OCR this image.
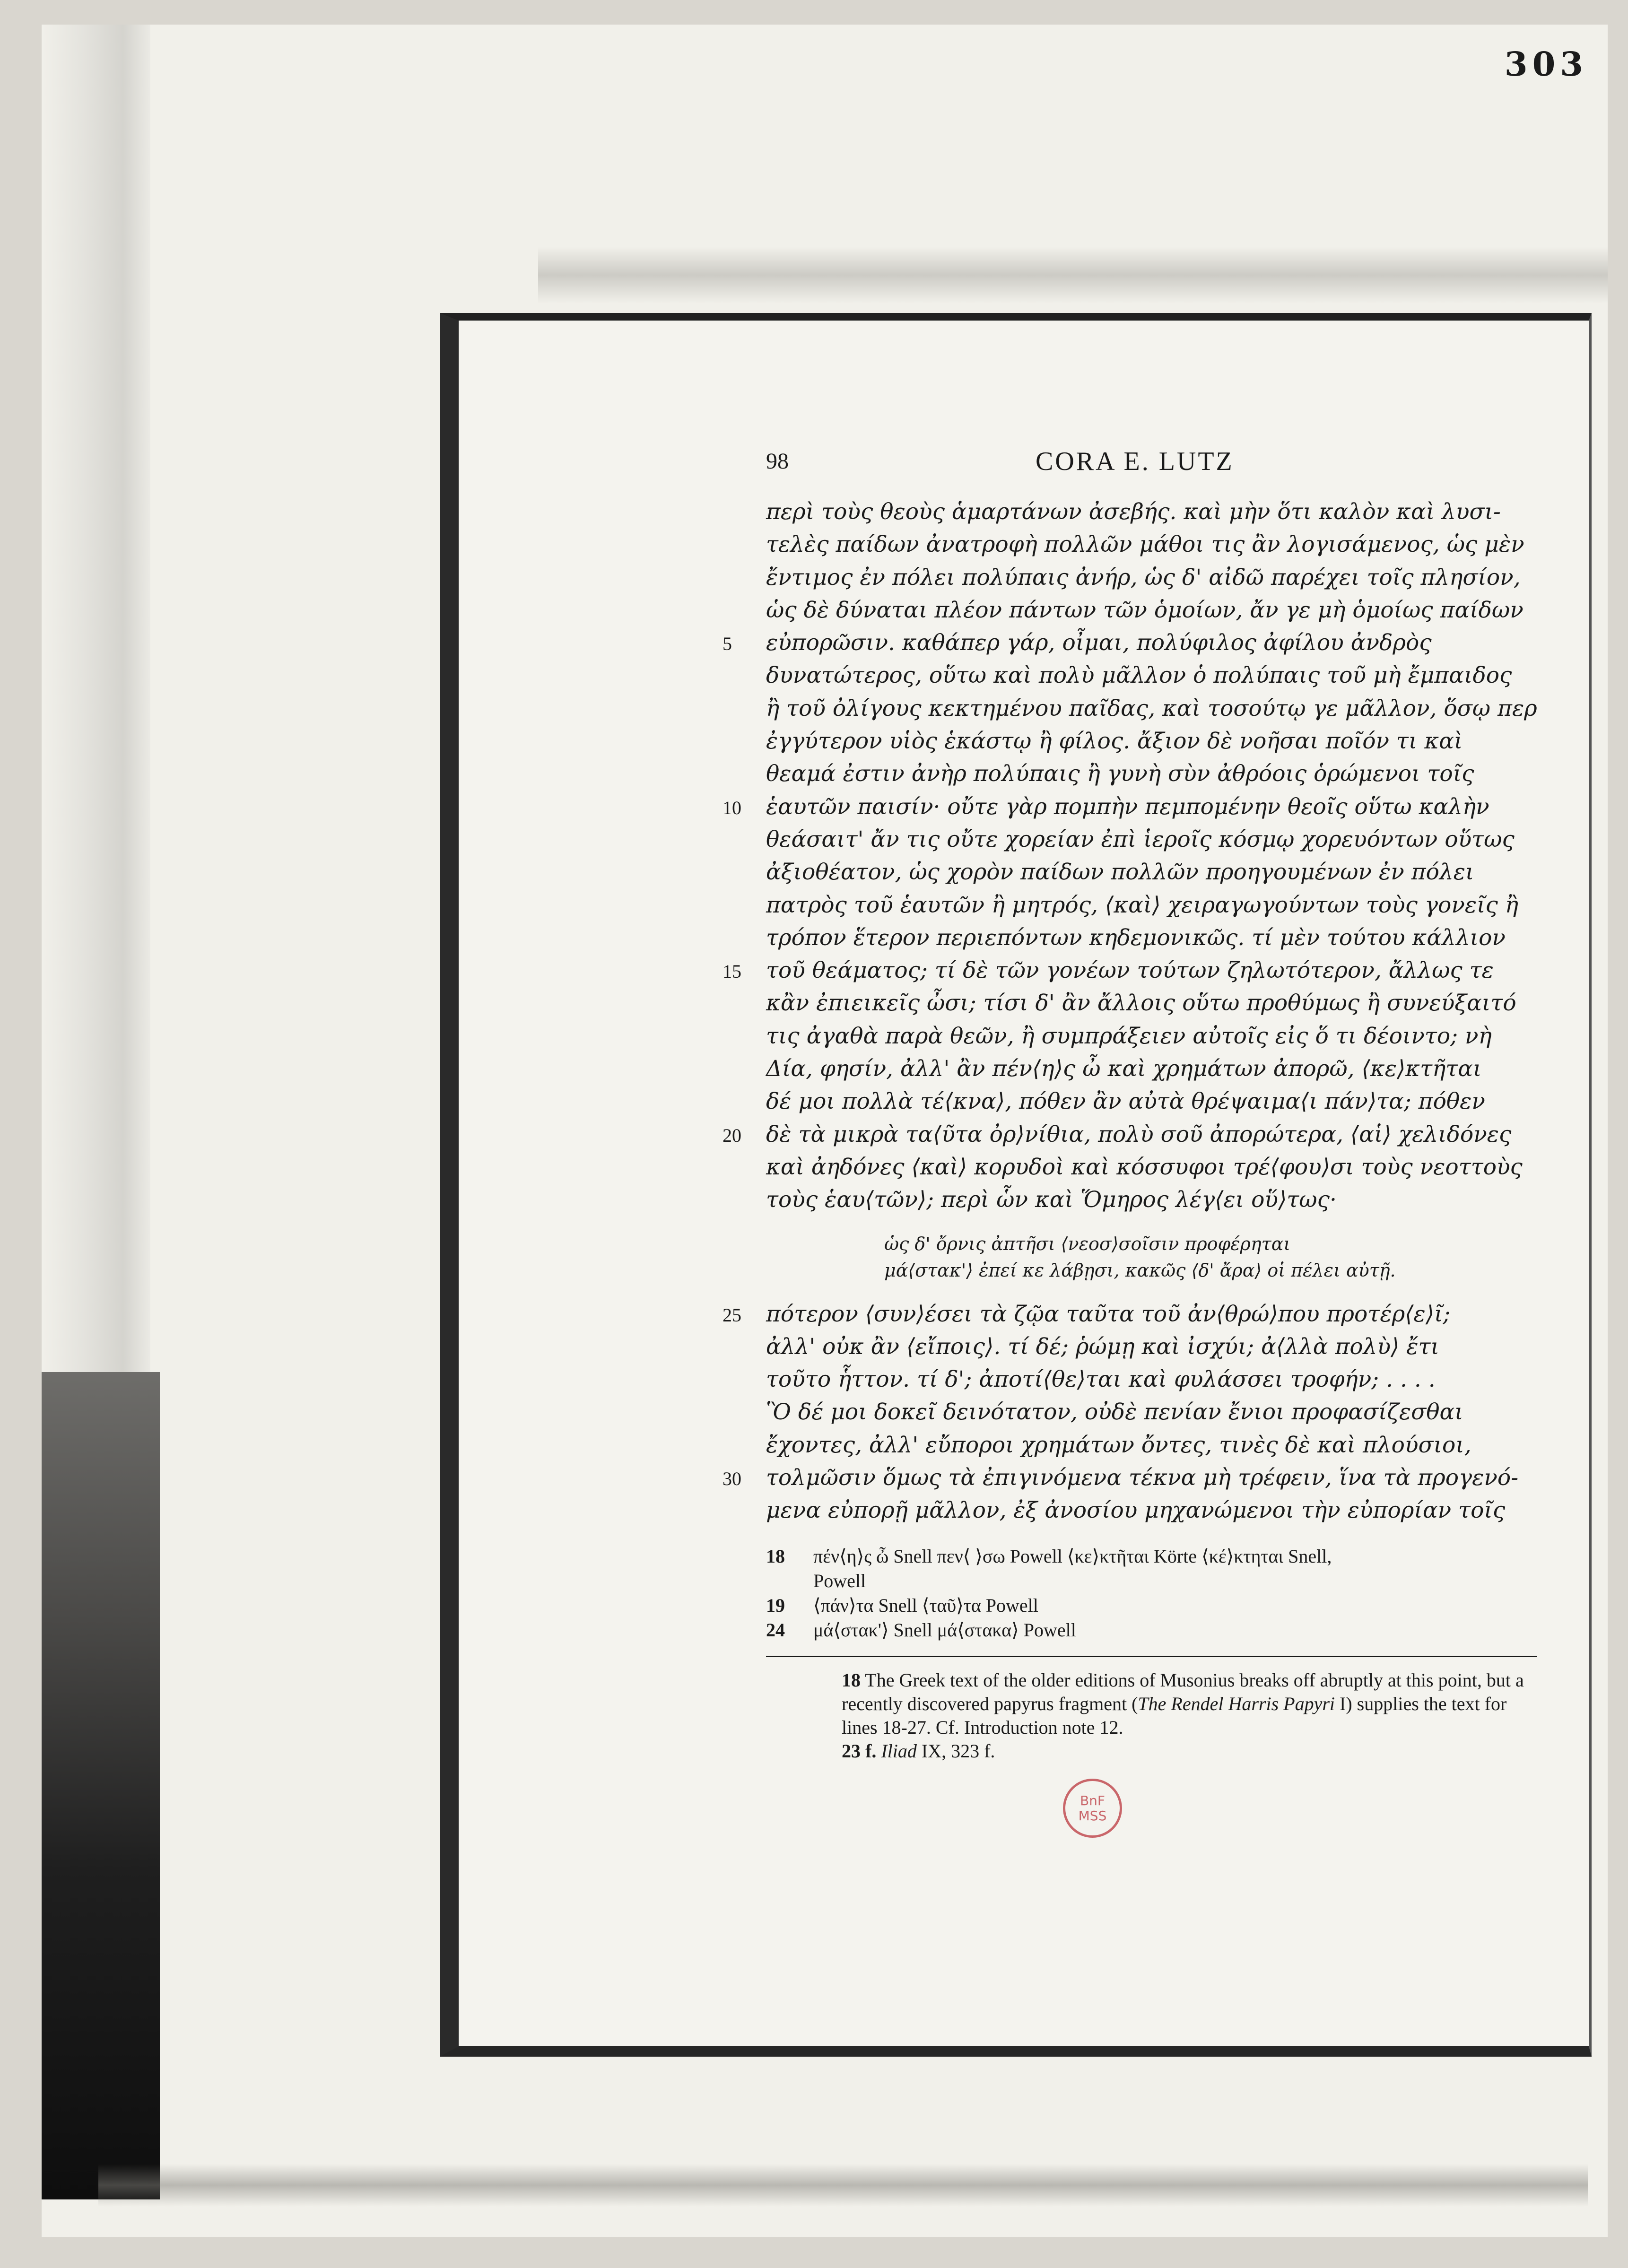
303
98	CORA E. LUTZ
περὶ τοὺς θεοὺς ἁμαρτάνων ἀσεβής. καὶ μὴν ὅτι καλὸν καὶ λυσι-
τελὲς παίδων ἀνατροφὴ πολλῶν μάθοι τις ἂν λογισάμενος, ὡς μὲν
ἔντιμος ἐν πόλει πολύπαις ἀνήρ, ὡς δ' αἰδῶ παρέχει τοῖς πλησίον,
ὡς δὲ δύναται πλέον πάντων τῶν ὁμοίων, ἄν γε μὴ ὁμοίως παίδων
5 εὐπορῶσιν. καθάπερ γάρ, οἶμαι, πολύφιλος ἀφίλου ἀνδρὸς
δυνατώτερος, οὕτω καὶ πολὺ μᾶλλον ὁ πολύπαις τοῦ μὴ ἔμπαιδος
ἢ τοῦ ὀλίγους κεκτημένου παῖδας, καὶ τοσούτῳ γε μᾶλλον, ὅσῳ περ
ἐγγύτερον υἱὸς ἑκάστῳ ἢ φίλος. ἄξιον δὲ νοῆσαι ποῖόν τι καὶ
θεαμά ἐστιν ἀνὴρ πολύπαις ἢ γυνὴ σὺν ἀθρόοις ὁρώμενοι τοῖς
10 ἑαυτῶν παισίν· οὔτε γὰρ πομπὴν πεμπομένην θεοῖς οὕτω καλὴν
θεάσαιτ' ἄν τις οὔτε χορείαν ἐπὶ ἱεροῖς κόσμῳ χορευόντων οὕτως
ἀξιοθέατον, ὡς χορὸν παίδων πολλῶν προηγουμένων ἐν πόλει
πατρὸς τοῦ ἑαυτῶν ἢ μητρός, ⟨καὶ⟩ χειραγωγούντων τοὺς γονεῖς ἢ
τρόπον ἕτερον περιεπόντων κηδεμονικῶς. τί μὲν τούτου κάλλιον
15 τοῦ θεάματος; τί δὲ τῶν γονέων τούτων ζηλωτότερον, ἄλλως τε
κἂν ἐπιεικεῖς ὦσι; τίσι δ' ἂν ἄλλοις οὕτω προθύμως ἢ συνεύξαιτό
τις ἀγαθὰ παρὰ θεῶν, ἢ συμπράξειεν αὐτοῖς εἰς ὅ τι δέοιντο; νὴ
Δία, φησίν, ἀλλ' ἂν πέν⟨η⟩ς ὦ καὶ χρημάτων ἀπορῶ, ⟨κε⟩κτῆται
δέ μοι πολλὰ τέ⟨κνα⟩, πόθεν ἂν αὐτὰ θρέψαιμα⟨ι πάν⟩τα; πόθεν
20 δὲ τὰ μικρὰ τα⟨ῦτα ὀρ⟩νίθια, πολὺ σοῦ ἀπορώτερα, ⟨αἱ⟩ χελιδόνες
καὶ ἀηδόνες ⟨καὶ⟩ κορυδοὶ καὶ κόσσυφοι τρέ⟨φου⟩σι τοὺς νεοττοὺς
τοὺς ἑαυ⟨τῶν⟩; περὶ ὧν καὶ Ὅμηρος λέγ⟨ει οὕ⟩τως·
ὡς δ' ὄρνις ἀπτῆσι ⟨νεοσ⟩σοῖσιν προφέρηται
μά⟨στακ'⟩ ἐπεί κε λάβῃσι, κακῶς ⟨δ' ἄρα⟩ οἱ πέλει αὐτῇ.
25 πότερον ⟨συν⟩έσει τὰ ζῷα ταῦτα τοῦ ἀν⟨θρώ⟩που προτέρ⟨ε⟩ῖ;
ἀλλ' οὐκ ἂν ⟨εἴποις⟩. τί δέ; ῥώμῃ καὶ ἰσχύι; ἀ⟨λλὰ πολὺ⟩ ἔτι
τοῦτο ἧττον. τί δ'; ἀποτί⟨θε⟩ται καὶ φυλάσσει τροφήν; . . . .
Ὃ δέ μοι δοκεῖ δεινότατον, οὐδὲ πενίαν ἔνιοι προφασίζεσθαι
ἔχοντες, ἀλλ' εὔποροι χρημάτων ὄντες, τινὲς δὲ καὶ πλούσιοι,
30 τολμῶσιν ὅμως τὰ ἐπιγινόμενα τέκνα μὴ τρέφειν, ἵνα τὰ προγενό-
μενα εὐπορῇ μᾶλλον, ἐξ ἀνοσίου μηχανώμενοι τὴν εὐπορίαν τοῖς
18 πέν⟨η⟩ς ὦ Snell πεν⟨ ⟩σω Powell ⟨κε⟩κτῆται Körte ⟨κέ⟩κτηται Snell,
Powell
19 ⟨πάν⟩τα Snell ⟨ταῦ⟩τα Powell
24 μά⟨στακ'⟩ Snell μά⟨στακα⟩ Powell
18 The Greek text of the older editions of Musonius breaks off abruptly at this point, but a recently discovered papyrus fragment (The Rendel Harris Papyri I) supplies the text for lines 18-27. Cf. Introduction note 12.
23 f. Iliad IX, 323 f.
BnF
MSS
